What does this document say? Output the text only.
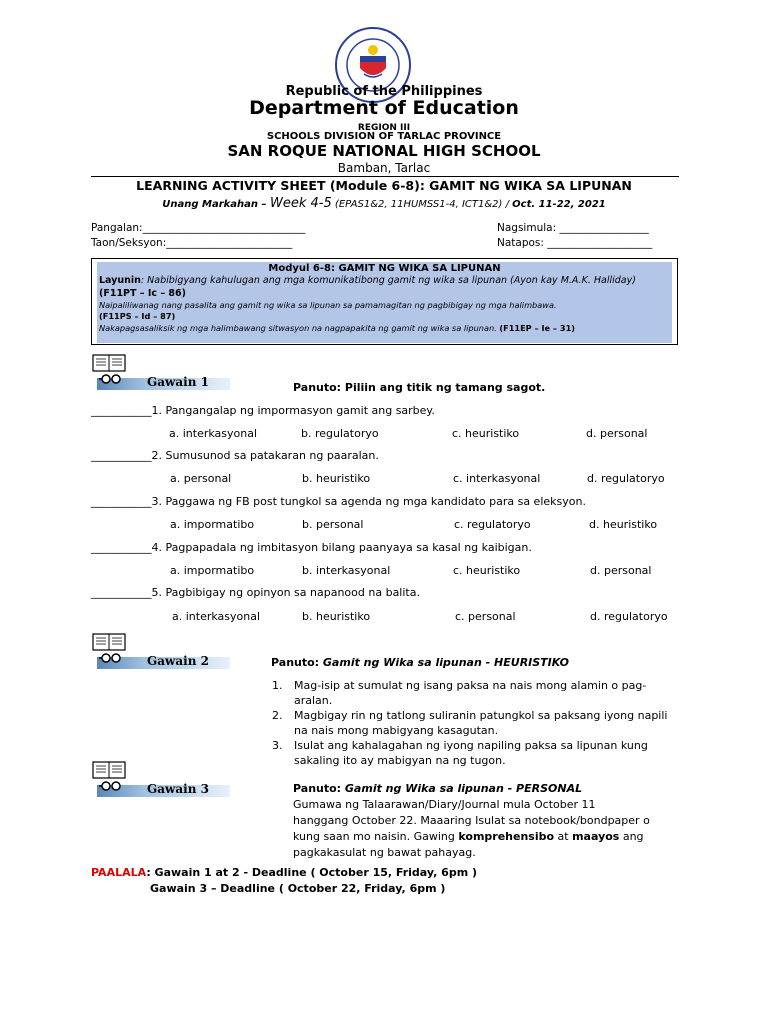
Republic of the Philippines
Department of Education
REGION III
SCHOOLS DIVISION OF TARLAC PROVINCE
SAN ROQUE NATIONAL HIGH SCHOOL
Bamban, Tarlac
LEARNING ACTIVITY SHEET (Module 6-8): GAMIT NG WIKA SA LIPUNAN
Unang Markahan – Week 4-5 (EPAS1&2, 11HUMSS1-4, ICT1&2) / Oct. 11-22, 2021
Pangalan:_______________________________
Taon/Seksyon:________________________
Nagsimula: _________________
Natapos: ____________________
Modyul 6-8: GAMIT NG WIKA SA LIPUNAN
Layunin: Nabibigyang kahulugan ang mga komunikatibong gamit ng wika sa lipunan (Ayon kay M.A.K. Halliday)
(F11PT – Ic – 86)
Naipaliliwanag nang pasalita ang gamit ng wika sa lipunan sa pamamagitan ng pagbibigay ng mga halimbawa.
(F11PS – Id – 87)
Nakapagsasaliksik ng mga halimbawang sitwasyon na nagpapakita ng gamit ng wika sa lipunan. (F11EP – Ie – 31)
Gawain 1	Panuto: Piliin ang titik ng tamang sagot.
___________1. Pangangalap ng impormasyon gamit ang sarbey.
a. interkasyonal	b. regulatoryo	c. heuristiko	d. personal
___________2. Sumusunod sa patakaran ng paaralan.
a. personal	b. heuristiko	c. interkasyonal	d. regulatoryo
___________3. Paggawa ng FB post tungkol sa agenda ng mga kandidato para sa eleksyon.
a. impormatibo	b. personal	c. regulatoryo	d. heuristiko
___________4. Pagpapadala ng imbitasyon bilang paanyaya sa kasal ng kaibigan.
a. impormatibo	b. interkasyonal	c. heuristiko	d. personal
___________5. Pagbibigay ng opinyon sa napanood na balita.
a. interkasyonal	b. heuristiko	c. personal	d. regulatoryo
Gawain 2	Panuto: Gamit ng Wika sa lipunan - HEURISTIKO
1. Mag-isip at sumulat ng isang paksa na nais mong alamin o pag-
aralan.
2. Magbigay rin ng tatlong suliranin patungkol sa paksang iyong napili
na nais mong mabigyang kasagutan.
3. Isulat ang kahalagahan ng iyong napiling paksa sa lipunan kung
sakaling ito ay mabigyan na ng tugon.
Gawain 3	Panuto: Gamit ng Wika sa lipunan - PERSONAL
Gumawa ng Talaarawan/Diary/Journal mula October 11
hanggang October 22. Maaaring Isulat sa notebook/bondpaper o
kung saan mo naisin. Gawing komprehensibo at maayos ang
pagkakasulat ng bawat pahayag.
PAALALA: Gawain 1 at 2 - Deadline ( October 15, Friday, 6pm )
Gawain 3 – Deadline ( October 22, Friday, 6pm )
